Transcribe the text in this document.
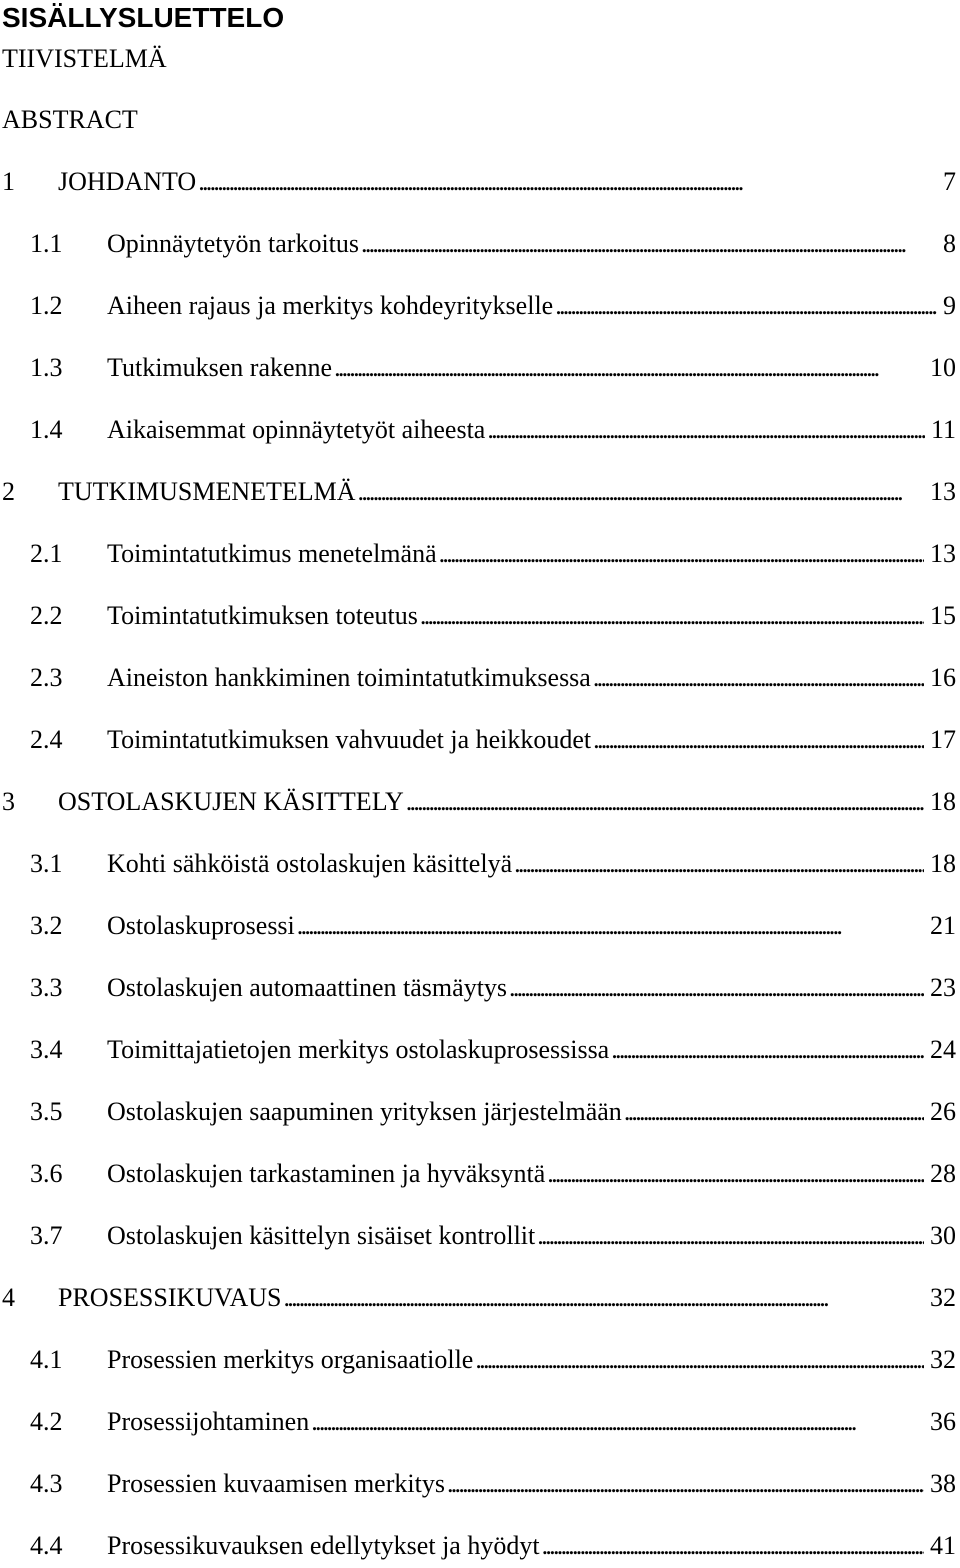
SISÄLLYSLUETTELO
TIIVISTELMÄ
ABSTRACT
1	JOHDANTO . . .	7
1.1	Opinnäytetyön tarkoitus . . .	8
1.2	Aiheen rajaus ja merkitys kohdeyritykselle . . .	9
1.3	Tutkimuksen rakenne . . .	10
1.4	Aikaisemmat opinnäytetyöt aiheesta . . .	11
2	TUTKIMUSMENETELMÄ . . .	13
2.1	Toimintatutkimus menetelmänä . . .	13
2.2	Toimintatutkimuksen toteutus . . .	15
2.3	Aineiston hankkiminen toimintatutkimuksessa . . .	16
2.4	Toimintatutkimuksen vahvuudet ja heikkoudet . . .	17
3	OSTOLASKUJEN KÄSITTELY . . .	18
3.1	Kohti sähköistä ostolaskujen käsittelyä . . .	18
3.2	Ostolaskuprosessi . . .	21
3.3	Ostolaskujen automaattinen täsmäytys . . .	23
3.4	Toimittajatietojen merkitys ostolaskuprosessissa . . .	24
3.5	Ostolaskujen saapuminen yrityksen järjestelmään . . .	26
3.6	Ostolaskujen tarkastaminen ja hyväksyntä . . .	28
3.7	Ostolaskujen käsittelyn sisäiset kontrollit . . .	30
4	PROSESSIKUVAUS . . .	32
4.1	Prosessien merkitys organisaatiolle . . .	32
4.2	Prosessijohtaminen . . .	36
4.3	Prosessien kuvaamisen merkitys . . .	38
4.4	Prosessikuvauksen edellytykset ja hyödyt . . .	41
